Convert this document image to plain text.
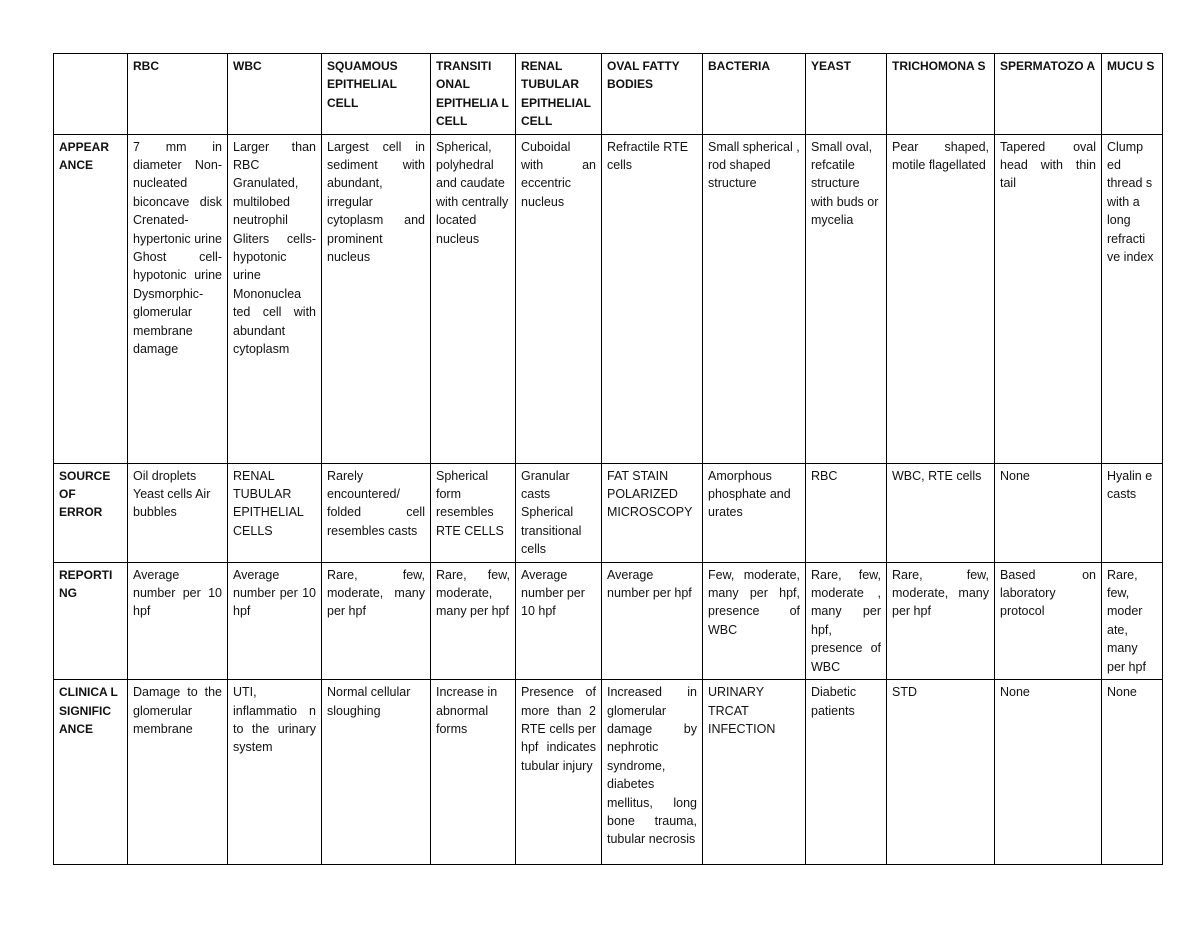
	RBC	WBC	SQUAMOUS EPITHELIAL CELL	TRANSITI ONAL EPITHELIA L CELL	RENAL TUBULAR EPITHELIAL CELL	OVAL FATTY BODIES	BACTERIA	YEAST	TRICHOMONA S	SPERMATOZO A	MUCU S
APPEAR ANCE	7 mm in diameter Non-nucleated biconcave disk Crenated- hypertonic urine Ghost cell- hypotonic urine Dysmorphic- glomerular membrane damage	Larger than RBC Granulated, multilobed neutrophil Gliters cells- hypotonic urine Mononuclea ted cell with abundant cytoplasm	Largest cell in sediment with abundant, irregular cytoplasm and prominent nucleus	Spherical, polyhedral and caudate with centrally located nucleus	Cuboidal with an eccentric nucleus	Refractile RTE cells	Small spherical , rod shaped structure	Small oval, refcatile structure with buds or mycelia	Pear shaped, motile flagellated	Tapered oval head with thin tail	Clump ed thread s with a long refracti ve index
SOURCE OF ERROR	Oil droplets Yeast cells Air bubbles	RENAL TUBULAR EPITHELIAL CELLS	Rarely encountered/ folded cell resembles casts	Spherical form resembles RTE CELLS	Granular casts Spherical transitional cells	FAT STAIN POLARIZED MICROSCOPY	Amorphous phosphate and urates	RBC	WBC, RTE cells	None	Hyalin e casts
REPORTI NG	Average number per 10 hpf	Average number per 10 hpf	Rare, few, moderate, many per hpf	Rare, few, moderate, many per hpf	Average number per 10 hpf	Average number per hpf	Few, moderate, many per hpf, presence of WBC	Rare, few, moderate , many per hpf, presence of WBC	Rare, few, moderate, many per hpf	Based on laboratory protocol	Rare, few, moder ate, many per hpf
CLINICA L SIGNIFIC ANCE	Damage to the glomerular membrane	UTI, inflammatio n to the urinary system	Normal cellular sloughing	Increase in abnormal forms	Presence of more than 2 RTE cells per hpf indicates tubular injury	Increased in glomerular damage by nephrotic syndrome, diabetes mellitus, long bone trauma, tubular necrosis	URINARY TRCAT INFECTION	Diabetic patients	STD	None	None
